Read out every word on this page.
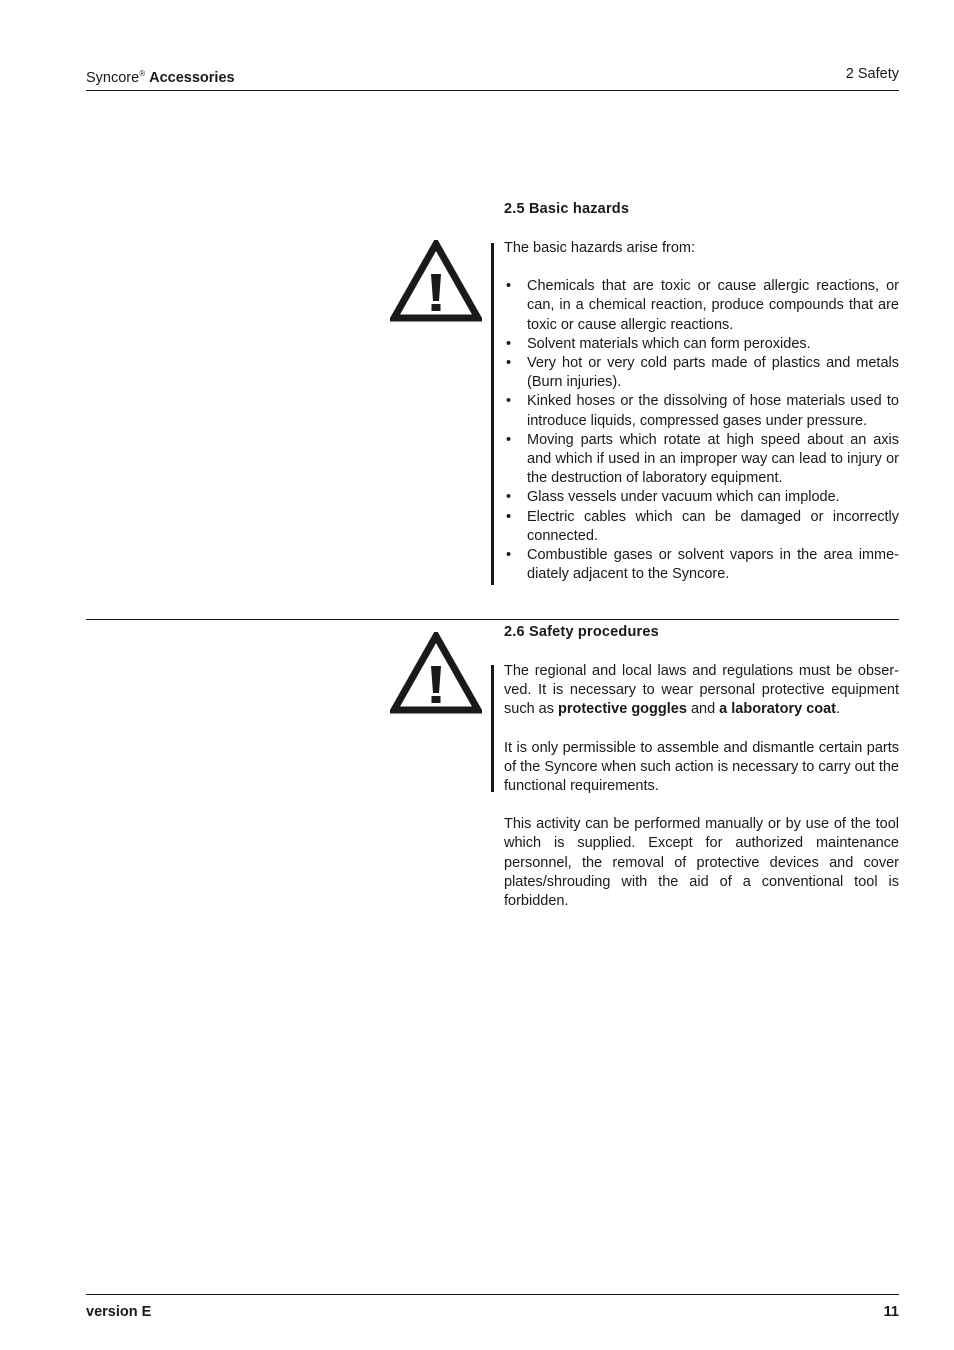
Syncore® Accessories	2 Safety
2.5 Basic hazards

The basic hazards arise from:

• Chemicals that are toxic or cause allergic reactions, or can, in a chemical reaction, produce compounds that are toxic or cause allergic reactions.
• Solvent materials which can form peroxides.
• Very hot or very cold parts made of plastics and metals (Burn injuries).
• Kinked hoses or the dissolving of hose materials used to introduce liquids, compressed gases under pressure.
• Moving parts which rotate at high speed about an axis and which if used in an improper way can lead to injury or the destruction of laboratory equipment.
• Glass vessels under vacuum which can implode.
• Electric cables which can be damaged or incorrectly connected.
• Combustible gases or solvent vapors in the area imme-diately adjacent to the Syncore.
2.6 Safety procedures

The regional and local laws and regulations must be obser-ved. It is necessary to wear personal protective equipment such as protective goggles and a laboratory coat.

It is only permissible to assemble and dismantle certain parts of the Syncore when such action is necessary to carry out the functional requirements.

This activity can be performed manually or by use of the tool which is supplied. Except for authorized maintenance personnel, the removal of protective devices and cover plates/shrouding with the aid of a conventional tool is forbidden.

version E	11
